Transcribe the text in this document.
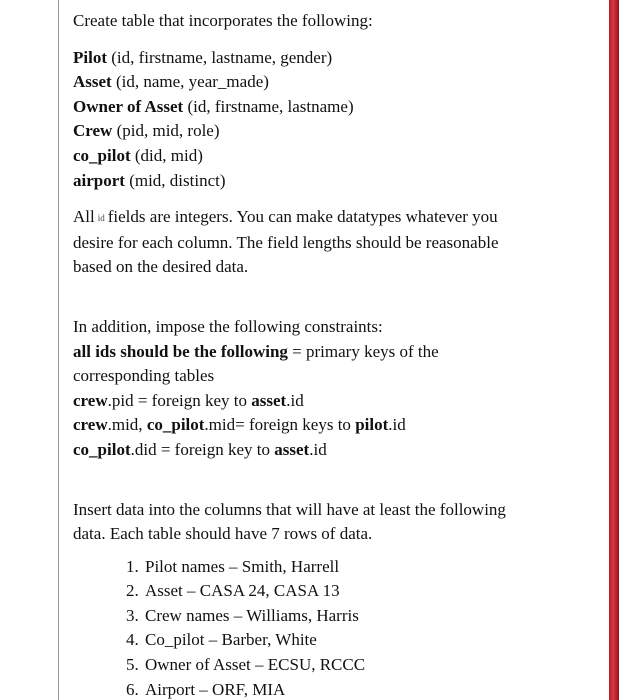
Create table that incorporates the following:
Pilot (id, firstname, lastname, gender)
Asset (id, name, year_made)
Owner of Asset (id, firstname, lastname)
Crew (pid, mid, role)
co_pilot (did, mid)
airport (mid, distinct)
All id fields are integers. You can make datatypes whatever you
desire for each column. The field lengths should be reasonable
based on the desired data.
In addition, impose the following constraints:
all ids should be the following = primary keys of the
corresponding tables
crew.pid = foreign key to asset.id
crew.mid, co_pilot.mid= foreign keys to pilot.id
co_pilot.did = foreign key to asset.id
Insert data into the columns that will have at least the following
data. Each table should have 7 rows of data.
1. Pilot names – Smith, Harrell
2. Asset – CASA 24, CASA 13
3. Crew names – Williams, Harris
4. Co_pilot – Barber, White
5. Owner of Asset – ECSU, RCCC
6. Airport – ORF, MIA
